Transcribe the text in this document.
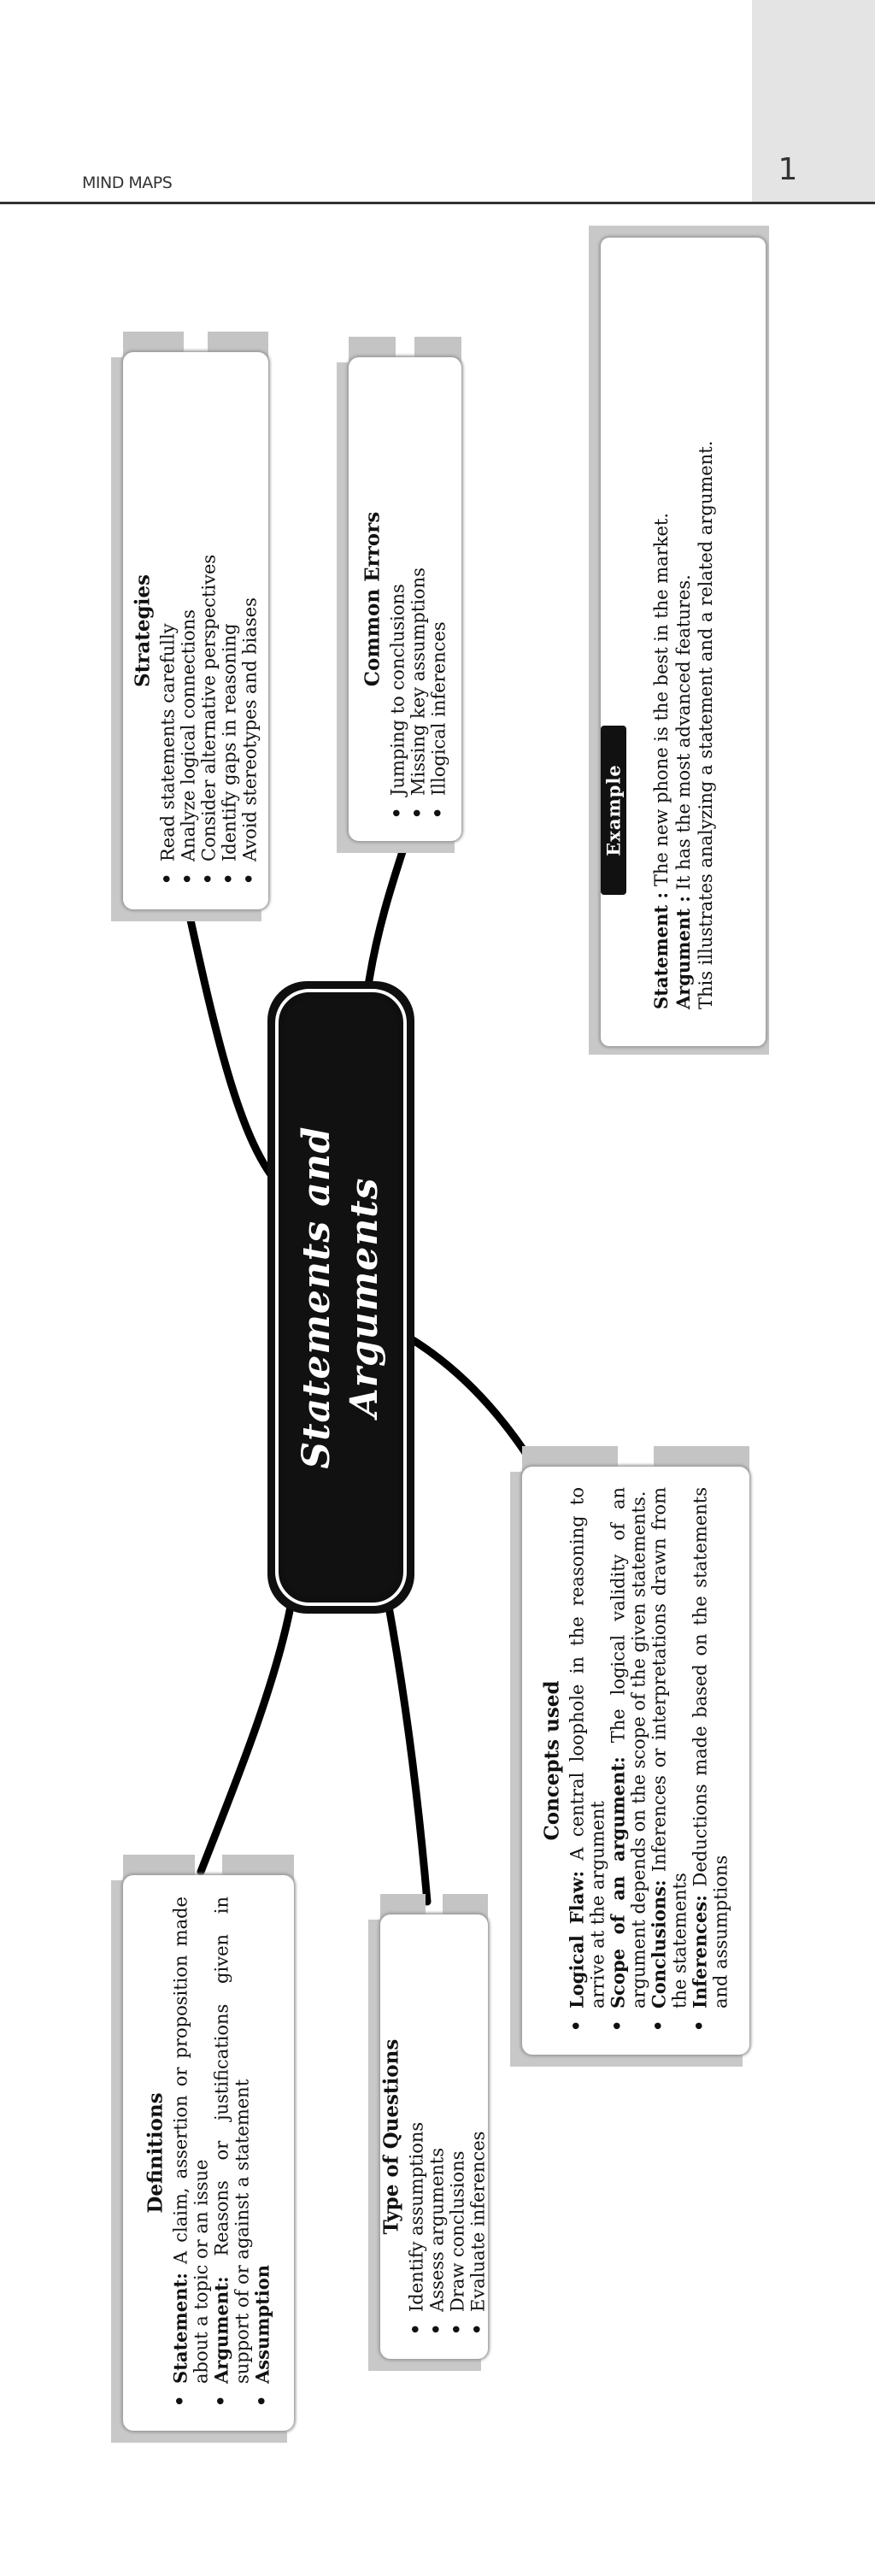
MIND MAPS	1
Strategies • Read statements carefully • Analyze logical connections • Consider alternative perspectives • Identify gaps in reasoning • Avoid stereotypes and biases	Common Errors • Jumping to conclusions • Missing key assumptions • Illogical inferences

Statement : The new phone is the best in the market.

Argument : It has the most advanced features. This illustrates analyzing a statement and a related argument.

Example
Statements and Arguments
Concepts used
• Logical Flaw: A central loophole in the reasoning to arrive at the argument • Scope of an argument: The logical validity of an argument depends on the scope of the given statements. • Conclusions: Inferences or interpretations drawn from the statements • Inferences: Deductions made based on the statements and assumptions
Definitions
• Statement: A claim, assertion or proposition made about a topic or an issue • Argument: Reasons or justifications given in support of or against a statement • Assumption
Type of Questions • Identify assumptions • Assess arguments • Draw conclusions • Evaluate inferences
